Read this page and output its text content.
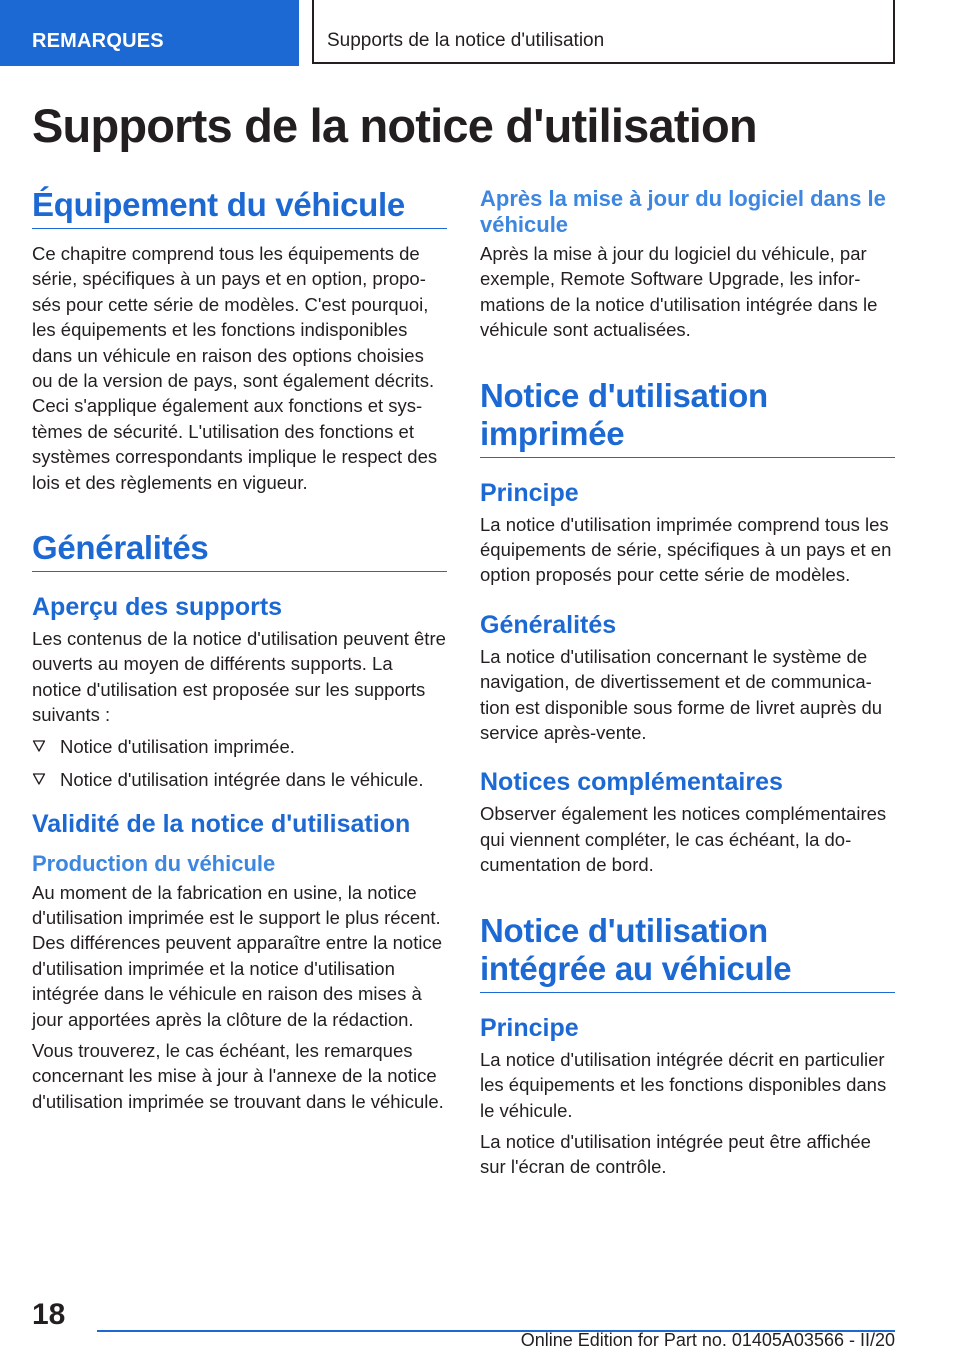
REMARQUES	Supports de la notice d'utilisation
Supports de la notice d'utilisation
Équipement du véhicule

Ce chapitre comprend tous les équipements de série, spécifiques à un pays et en option, proposés pour cette série de modèles. C'est pourquoi, les équipements et les fonctions indisponibles dans un véhicule en raison des options choisies ou de la version de pays, sont également décrits. Ceci s'applique également aux fonctions et systèmes de sécurité. L'utilisation des fonctions et systèmes correspondants implique le respect des lois et des règlements en vigueur.

Généralités
Aperçu des supports

Les contenus de la notice d'utilisation peuvent être ouverts au moyen de différents supports. La notice d'utilisation est proposée sur les supports suivants :

Notice d'utilisation imprimée.
Notice d'utilisation intégrée dans le véhicule.
Validité de la notice d'utilisation
Production du véhicule

Au moment de la fabrication en usine, la notice d'utilisation imprimée est le support le plus récent. Des différences peuvent apparaître entre la notice d'utilisation imprimée et la notice d'utilisation intégrée dans le véhicule en raison des mises à jour apportées après la clôture de la rédaction.

Vous trouverez, le cas échéant, les remarques concernant les mise à jour à l'annexe de la notice d'utilisation imprimée se trouvant dans le véhicule.

Après la mise à jour du logiciel dans le véhicule

Après la mise à jour du logiciel du véhicule, par exemple, Remote Software Upgrade, les informations de la notice d'utilisation intégrée dans le véhicule sont actualisées.

Notice d'utilisation imprimée
Principe

La notice d'utilisation imprimée comprend tous les équipements de série, spécifiques à un pays et en option proposés pour cette série de modèles.

Généralités

La notice d'utilisation concernant le système de navigation, de divertissement et de communication est disponible sous forme de livret auprès du service après-vente.

Notices complémentaires

Observer également les notices complémentaires qui viennent compléter, le cas échéant, la documentation de bord.

Notice d'utilisation intégrée au véhicule
Principe

La notice d'utilisation intégrée décrit en particulier les équipements et les fonctions disponibles dans le véhicule.

La notice d'utilisation intégrée peut être affichée sur l'écran de contrôle.

18
Online Edition for Part no. 01405A03566 - II/20
